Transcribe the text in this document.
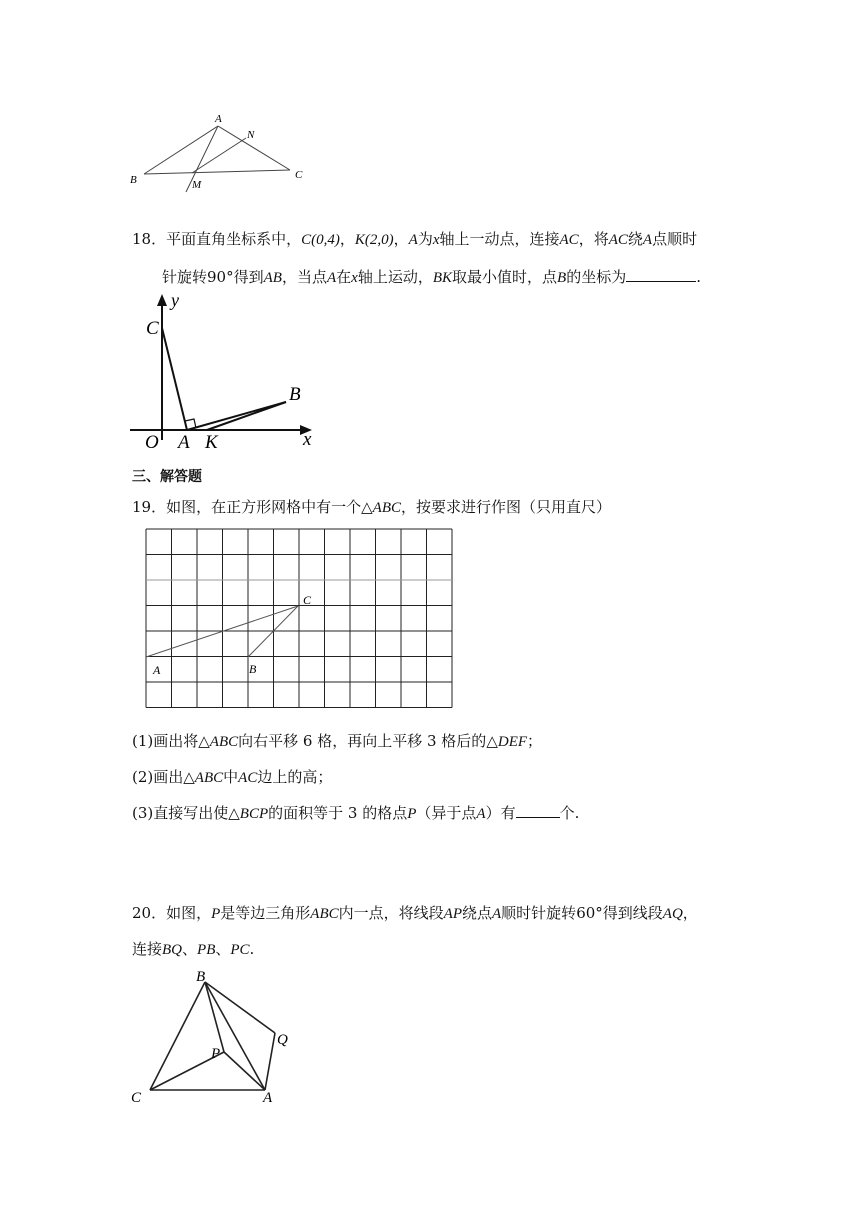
A
N
B	M
C
18．平面直角坐标系中，C(0,4)，K(2,0)，A为x轴上一动点，连接AC，将AC绕A点顺时
针旋转90°得到AB，当点A在x轴上运动，BK取最小值时，点B的坐标为	.
y
C
B
O A K	x
三、解答题
19．如图，在正方形网格中有一个△ABC，按要求进行作图（只用直尺）
A	B
C
(1)画出将△ABC向右平移 6 格，再向上平移 3 格后的△DEF；
(2)画出△ABC中AC边上的高；
(3)直接写出使△BCP的面积等于 3 的格点P（异于点A）有	个.
20．如图，P是等边三角形ABC内一点，将线段AP绕点A顺时针旋转60°得到线段AQ，
连接BQ、PB、PC.
B
Q
P
C	A
